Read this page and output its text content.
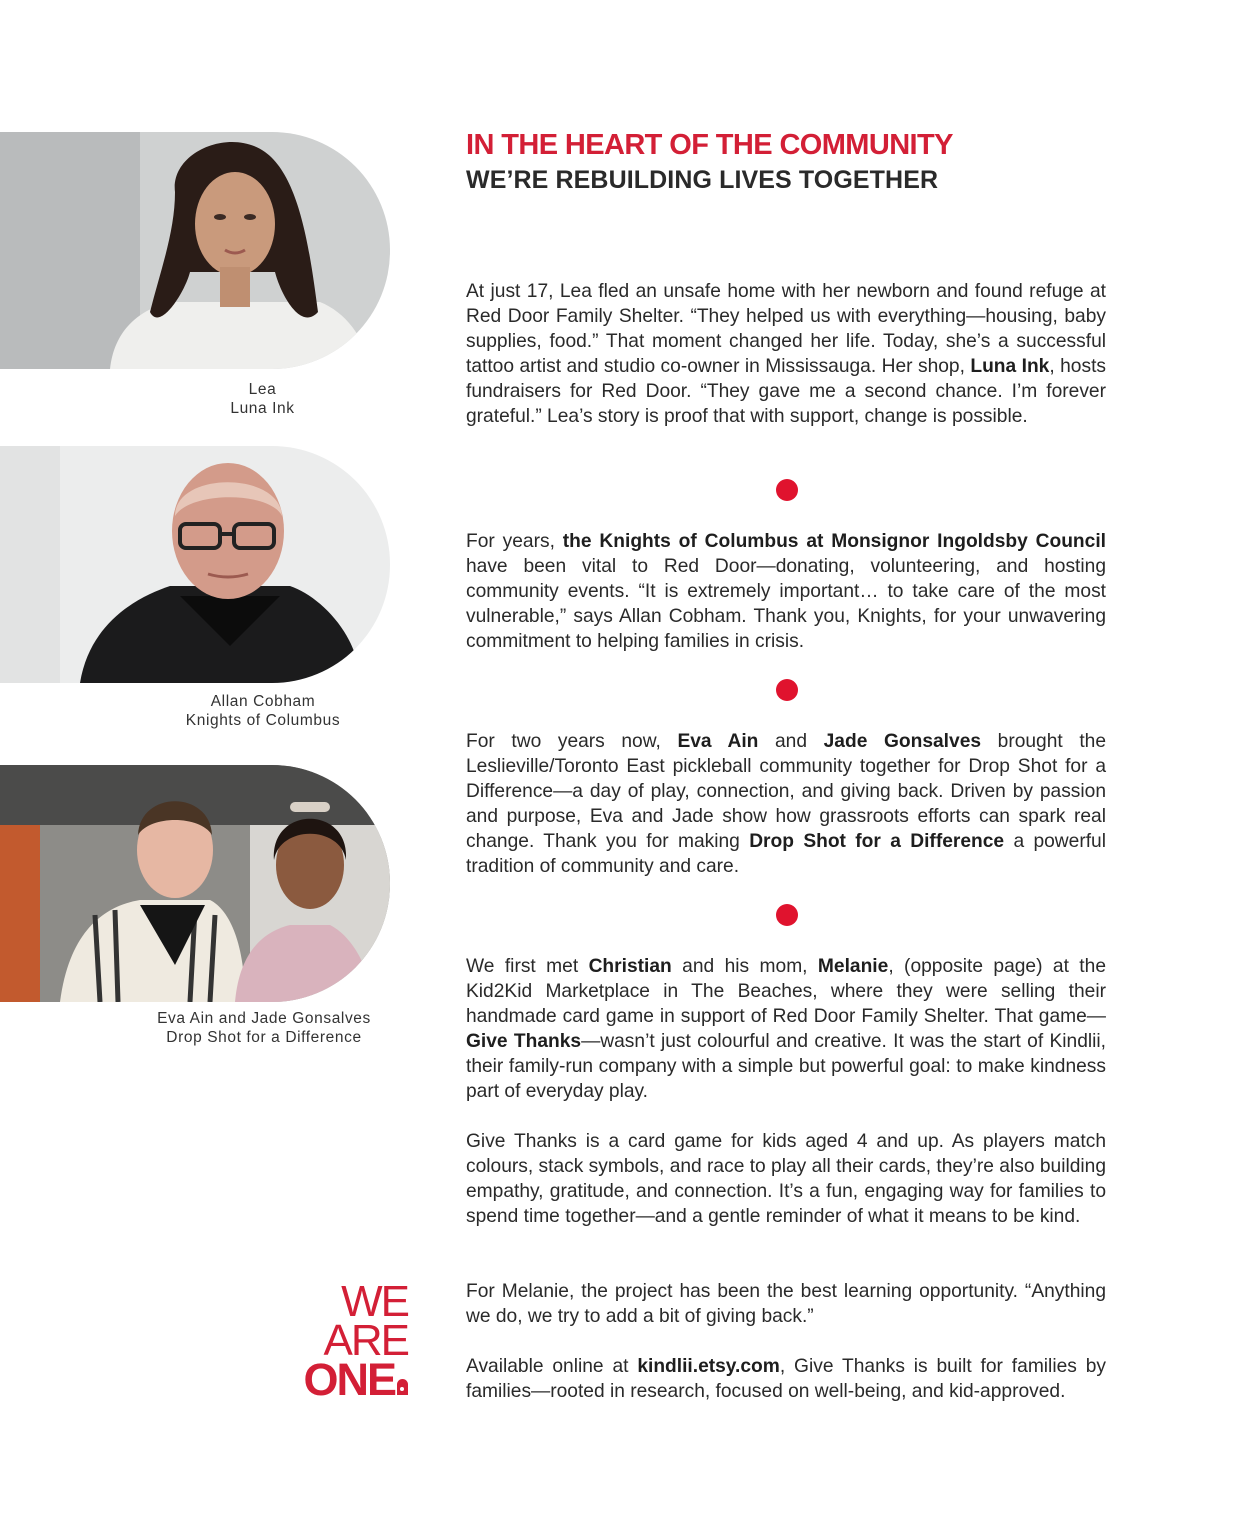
Lea
Luna Ink
Allan Cobham
Knights of Columbus
Eva Ain and Jade Gonsalves
Drop Shot for a Difference
IN THE HEART OF THE COMMUNITY
WE’RE REBUILDING LIVES TOGETHER

At just 17, Lea fled an unsafe home with her newborn and found refuge at Red Door Family Shelter. “They helped us with everything—housing, baby supplies, food.” That moment changed her life. Today, she’s a successful tattoo artist and studio co-owner in Mississauga. Her shop, Luna Ink, hosts fundraisers for Red Door. “They gave me a second chance. I’m forever grateful.” Lea’s story is proof that with support, change is possible.

For years, the Knights of Columbus at Monsignor Ingoldsby Council have been vital to Red Door—donating, volunteering, and hosting community events. “It is extremely important… to take care of the most vulnerable,” says Allan Cobham. Thank you, Knights, for your unwavering commitment to helping families in crisis.

For two years now, Eva Ain and Jade Gonsalves brought the Leslieville/Toronto East pickleball community together for Drop Shot for a Difference—a day of play, connection, and giving back. Driven by passion and purpose, Eva and Jade show how grassroots efforts can spark real change. Thank you for making Drop Shot for a Difference a powerful tradition of community and care.

We first met Christian and his mom, Melanie, (opposite page) at the Kid2Kid Marketplace in The Beaches, where they were selling their handmade card game in support of Red Door Family Shelter. That game—Give Thanks—wasn’t just colourful and creative. It was the start of Kindlii, their family-run company with a simple but powerful goal: to make kindness part of everyday play.

Give Thanks is a card game for kids aged 4 and up. As players match colours, stack symbols, and race to play all their cards, they’re also building empathy, gratitude, and connection. It’s a fun, engaging way for families to spend time together—and a gentle reminder of what it means to be kind.

For Melanie, the project has been the best learning opportunity. “Anything we do, we try to add a bit of giving back.”

Available online at kindlii.etsy.com, Give Thanks is built for families by families—rooted in research, focused on well-being, and kid-approved.

WE
ARE
ONE
